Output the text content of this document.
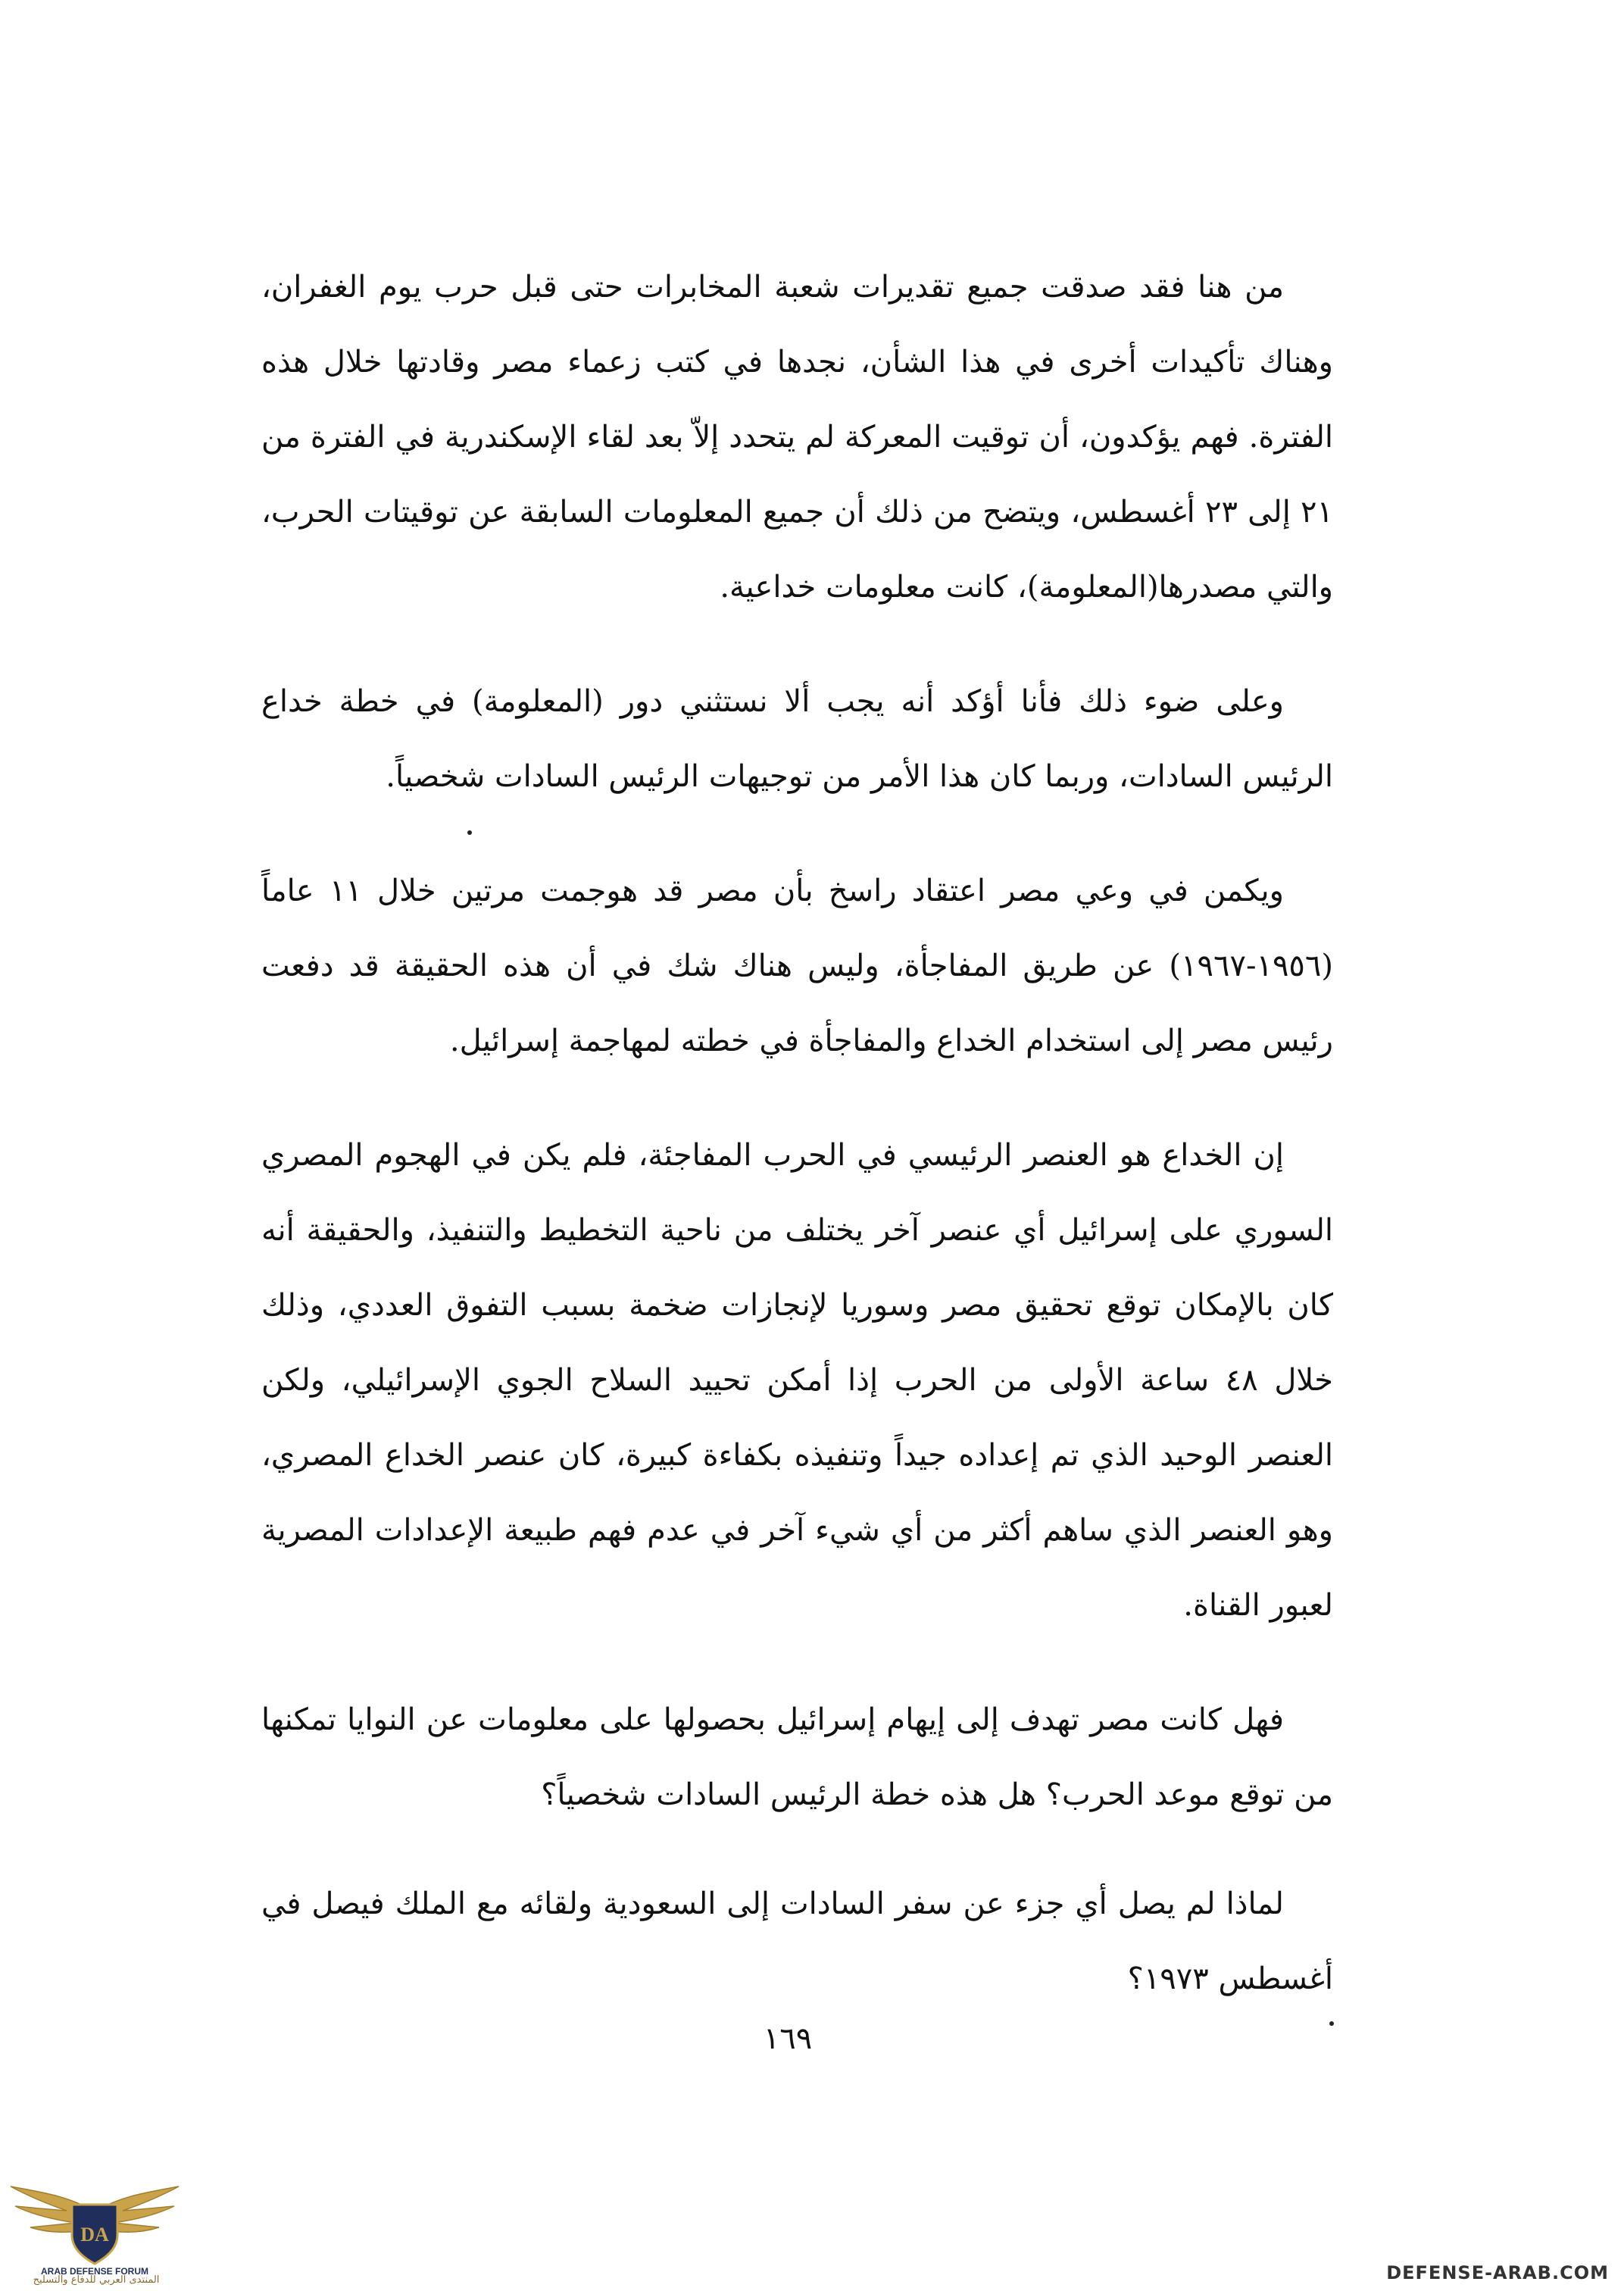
من هنا فقد صدقت جميع تقديرات شعبة المخابرات حتى قبل حرب يوم الغفران، وهناك تأكيدات أخرى في هذا الشأن، نجدها في كتب زعماء مصر وقادتها خلال هذه الفترة. فهم يؤكدون، أن توقيت المعركة لم يتحدد إلاّ بعد لقاء الإسكندرية في الفترة من ٢١ إلى ٢٣ أغسطس، ويتضح من ذلك أن جميع المعلومات السابقة عن توقيتات الحرب، والتي مصدرها(المعلومة)، كانت معلومات خداعية.

وعلى ضوء ذلك فأنا أؤكد أنه يجب ألا نستثني دور (المعلومة) في خطة خداع الرئيس السادات، وربما كان هذا الأمر من توجيهات الرئيس السادات شخصياً.

ويكمن في وعي مصر اعتقاد راسخ بأن مصر قد هوجمت مرتين خلال ١١ عاماً (١٩٥٦-١٩٦٧) عن طريق المفاجأة، وليس هناك شك في أن هذه الحقيقة قد دفعت رئيس مصر إلى استخدام الخداع والمفاجأة في خطته لمهاجمة إسرائيل.

إن الخداع هو العنصر الرئيسي في الحرب المفاجئة، فلم يكن في الهجوم المصري السوري على إسرائيل أي عنصر آخر يختلف من ناحية التخطيط والتنفيذ، والحقيقة أنه كان بالإمكان توقع تحقيق مصر وسوريا لإنجازات ضخمة بسبب التفوق العددي، وذلك خلال ٤٨ ساعة الأولى من الحرب إذا أمكن تحييد السلاح الجوي الإسرائيلي، ولكن العنصر الوحيد الذي تم إعداده جيداً وتنفيذه بكفاءة كبيرة، كان عنصر الخداع المصري، وهو العنصر الذي ساهم أكثر من أي شيء آخر في عدم فهم طبيعة الإعدادات المصرية لعبور القناة.

فهل كانت مصر تهدف إلى إيهام إسرائيل بحصولها على معلومات عن النوايا تمكنها من توقع موعد الحرب؟ هل هذه خطة الرئيس السادات شخصياً؟

لماذا لم يصل أي جزء عن سفر السادات إلى السعودية ولقائه مع الملك فيصل في أغسطس ١٩٧٣؟

١٦٩
DA
ARAB DEFENSE FORUM
المنتدى العربي للدفاع والتسليح	DEFENSE-ARAB.COM
